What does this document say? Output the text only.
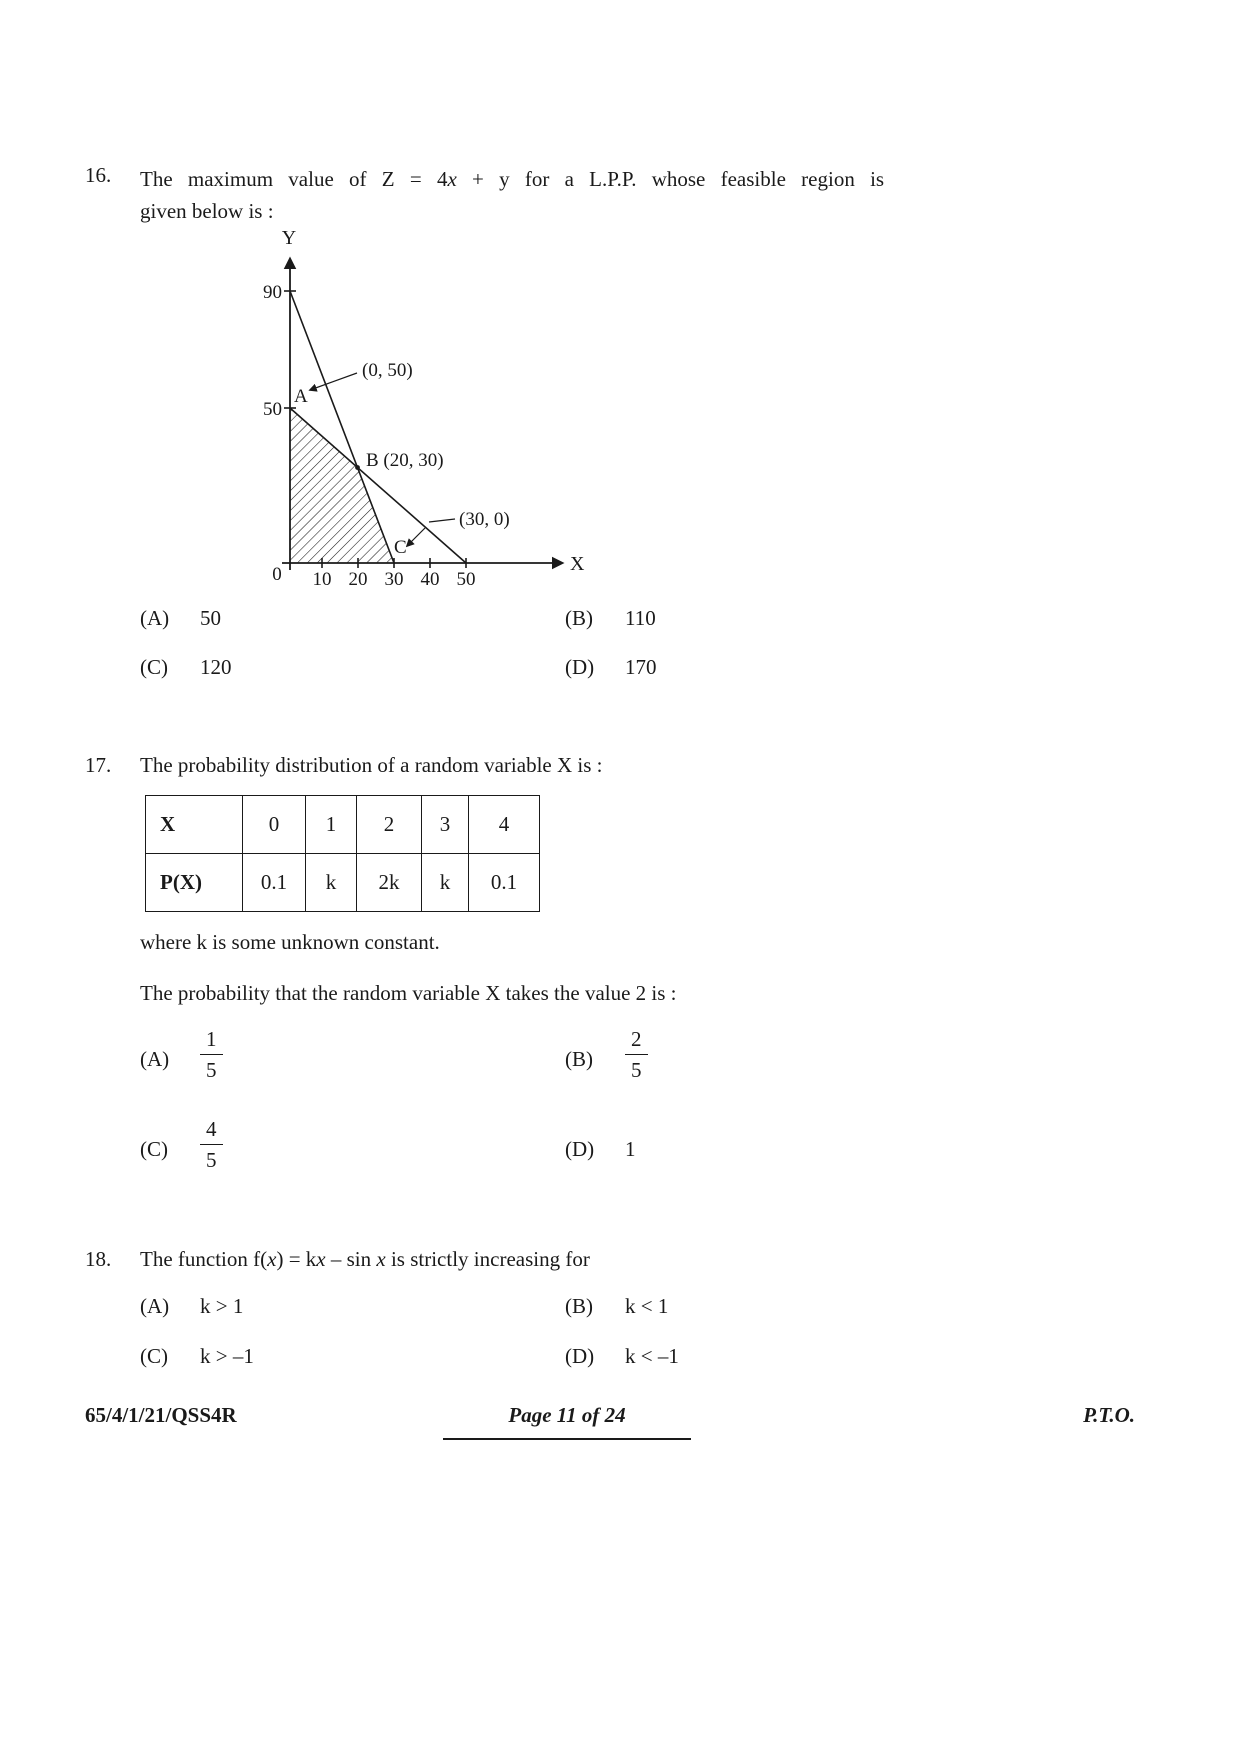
16. The maximum value of Z = 4x + y for a L.P.P. whose feasible region is
given below is :
Y
X
90
50
10 20 30 40 50
0
(0, 50)
A
B (20, 30)
(30, 0)
C
(A) 50	(B) 110
(C) 120	(D) 170
17. The probability distribution of a random variable X is :
X	0	1	2	3	4
P(X)	0.1	k	2k	k	0.1
where k is some unknown constant.
The probability that the random variable X takes the value 2 is :
$(A) \frac{1}{5}$	$(B) \frac{2}{5}$
$(C) \frac{4}{5}$	(D) 1
18. The function f(x) = kx – sin x is strictly increasing for
(A) k > 1	(B) k < 1
(C) k > –1	(D) k < –1
65/4/1/21/QSS4R	Page 11 of 24	P.T.O.
